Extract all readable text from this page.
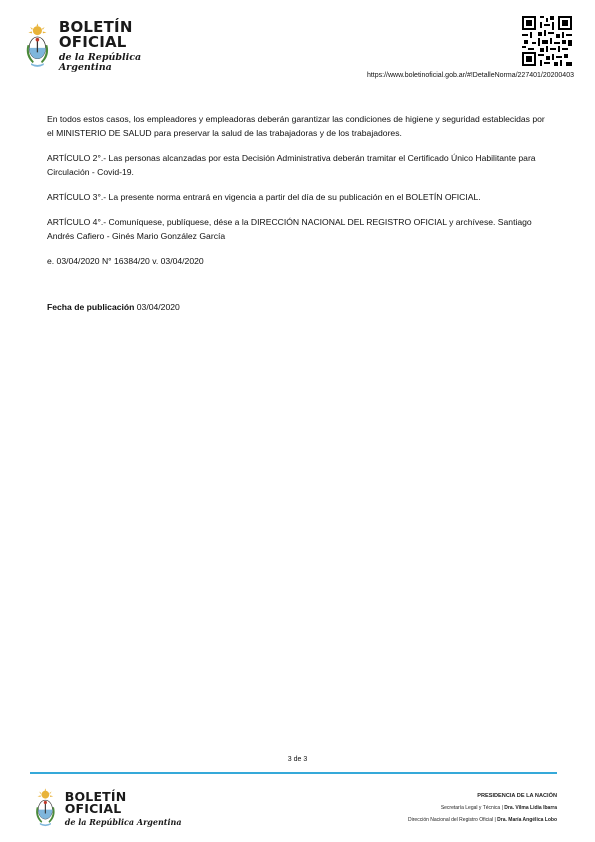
BOLETÍN OFICIAL
de la República Argentina
https://www.boletinoficial.gob.ar/#!DetalleNorma/227401/20200403

En todos estos casos, los empleadores y empleadoras deberán garantizar las condiciones de higiene y seguridad establecidas por el MINISTERIO DE SALUD para preservar la salud de las trabajadoras y de los trabajadores.

ARTÍCULO 2°.- Las personas alcanzadas por esta Decisión Administrativa deberán tramitar el Certificado Único Habilitante para Circulación - Covid-19.

ARTÍCULO 3°.- La presente norma entrará en vigencia a partir del día de su publicación en el BOLETÍN OFICIAL.

ARTÍCULO 4°.- Comuníquese, publíquese, dése a la DIRECCIÓN NACIONAL DEL REGISTRO OFICIAL y archívese. Santiago Andrés Cafiero - Ginés Mario González García

e. 03/04/2020 N° 16384/20 v. 03/04/2020

Fecha de publicación 03/04/2020
3 de 3
BOLETÍN OFICIAL
de la República Argentina
PRESIDENCIA DE LA NACIÓN
Secretaría Legal y Técnica | Dra. Vilma Lidia Ibarra
Dirección Nacional del Registro Oficial | Dra. María Angélica Lobo
